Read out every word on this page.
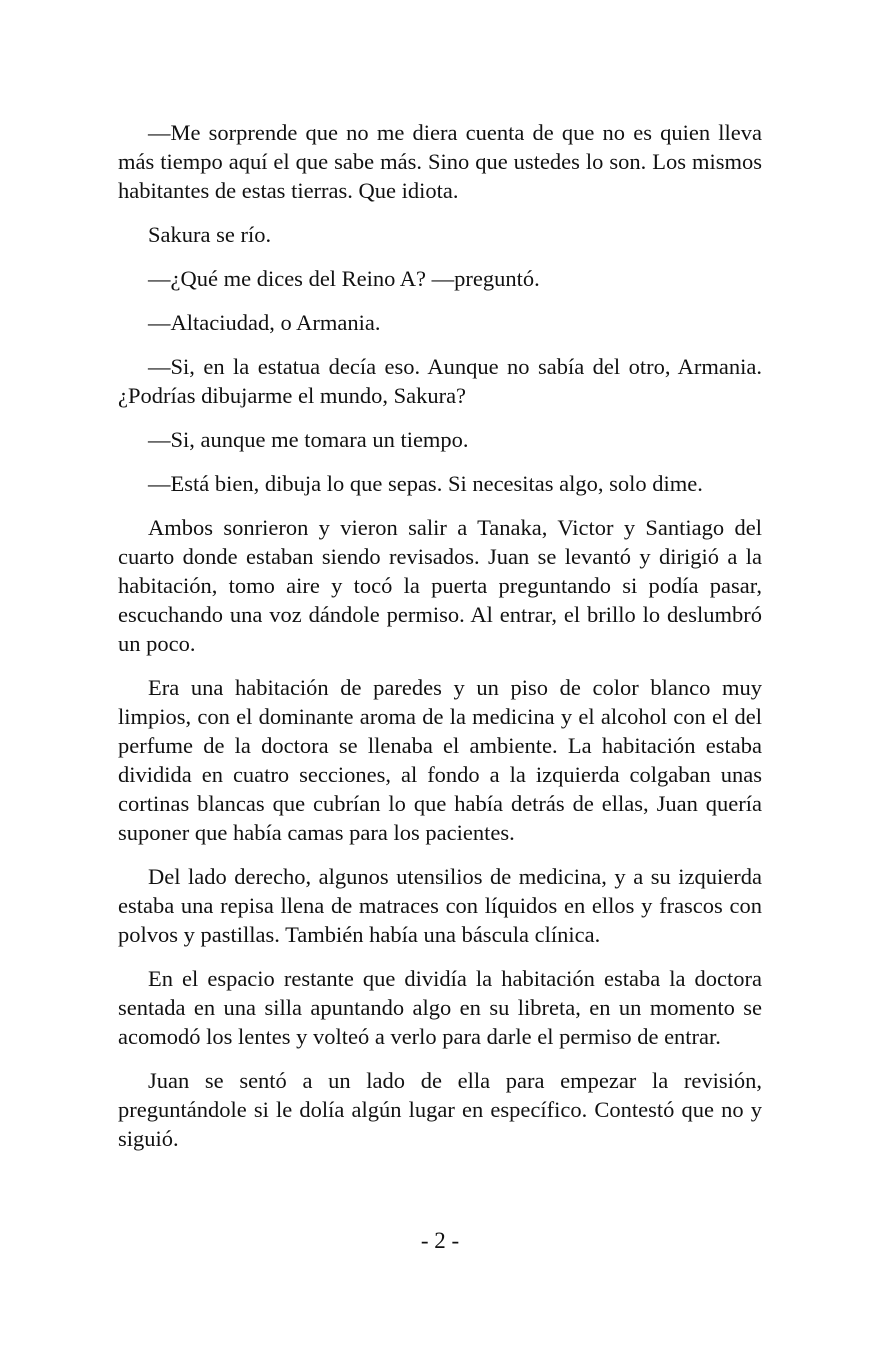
—Me sorprende que no me diera cuenta de que no es quien lleva más tiempo aquí el que sabe más. Sino que ustedes lo son. Los mismos habitantes de estas tierras. Que idiota.

Sakura se río.

—¿Qué me dices del Reino A? —preguntó.

—Altaciudad, o Armania.

—Si, en la estatua decía eso. Aunque no sabía del otro, Armania. ¿Podrías dibujarme el mundo, Sakura?

—Si, aunque me tomara un tiempo.

—Está bien, dibuja lo que sepas. Si necesitas algo, solo dime.

Ambos sonrieron y vieron salir a Tanaka, Victor y Santiago del cuarto donde estaban siendo revisados. Juan se levantó y dirigió a la habitación, tomo aire y tocó la puerta preguntando si podía pasar, escuchando una voz dándole permiso. Al entrar, el brillo lo deslumbró un poco.

Era una habitación de paredes y un piso de color blanco muy limpios, con el dominante aroma de la medicina y el alcohol con el del perfume de la doctora se llenaba el ambiente. La habitación estaba dividida en cuatro secciones, al fondo a la izquierda colgaban unas cortinas blancas que cubrían lo que había detrás de ellas, Juan quería suponer que había camas para los pacientes.

Del lado derecho, algunos utensilios de medicina, y a su izquierda estaba una repisa llena de matraces con líquidos en ellos y frascos con polvos y pastillas. También había una báscula clínica.

En el espacio restante que dividía la habitación estaba la doctora sentada en una silla apuntando algo en su libreta, en un momento se acomodó los lentes y volteó a verlo para darle el permiso de entrar.

Juan se sentó a un lado de ella para empezar la revisión, preguntándole si le dolía algún lugar en específico. Contestó que no y siguió.

- 2 -
